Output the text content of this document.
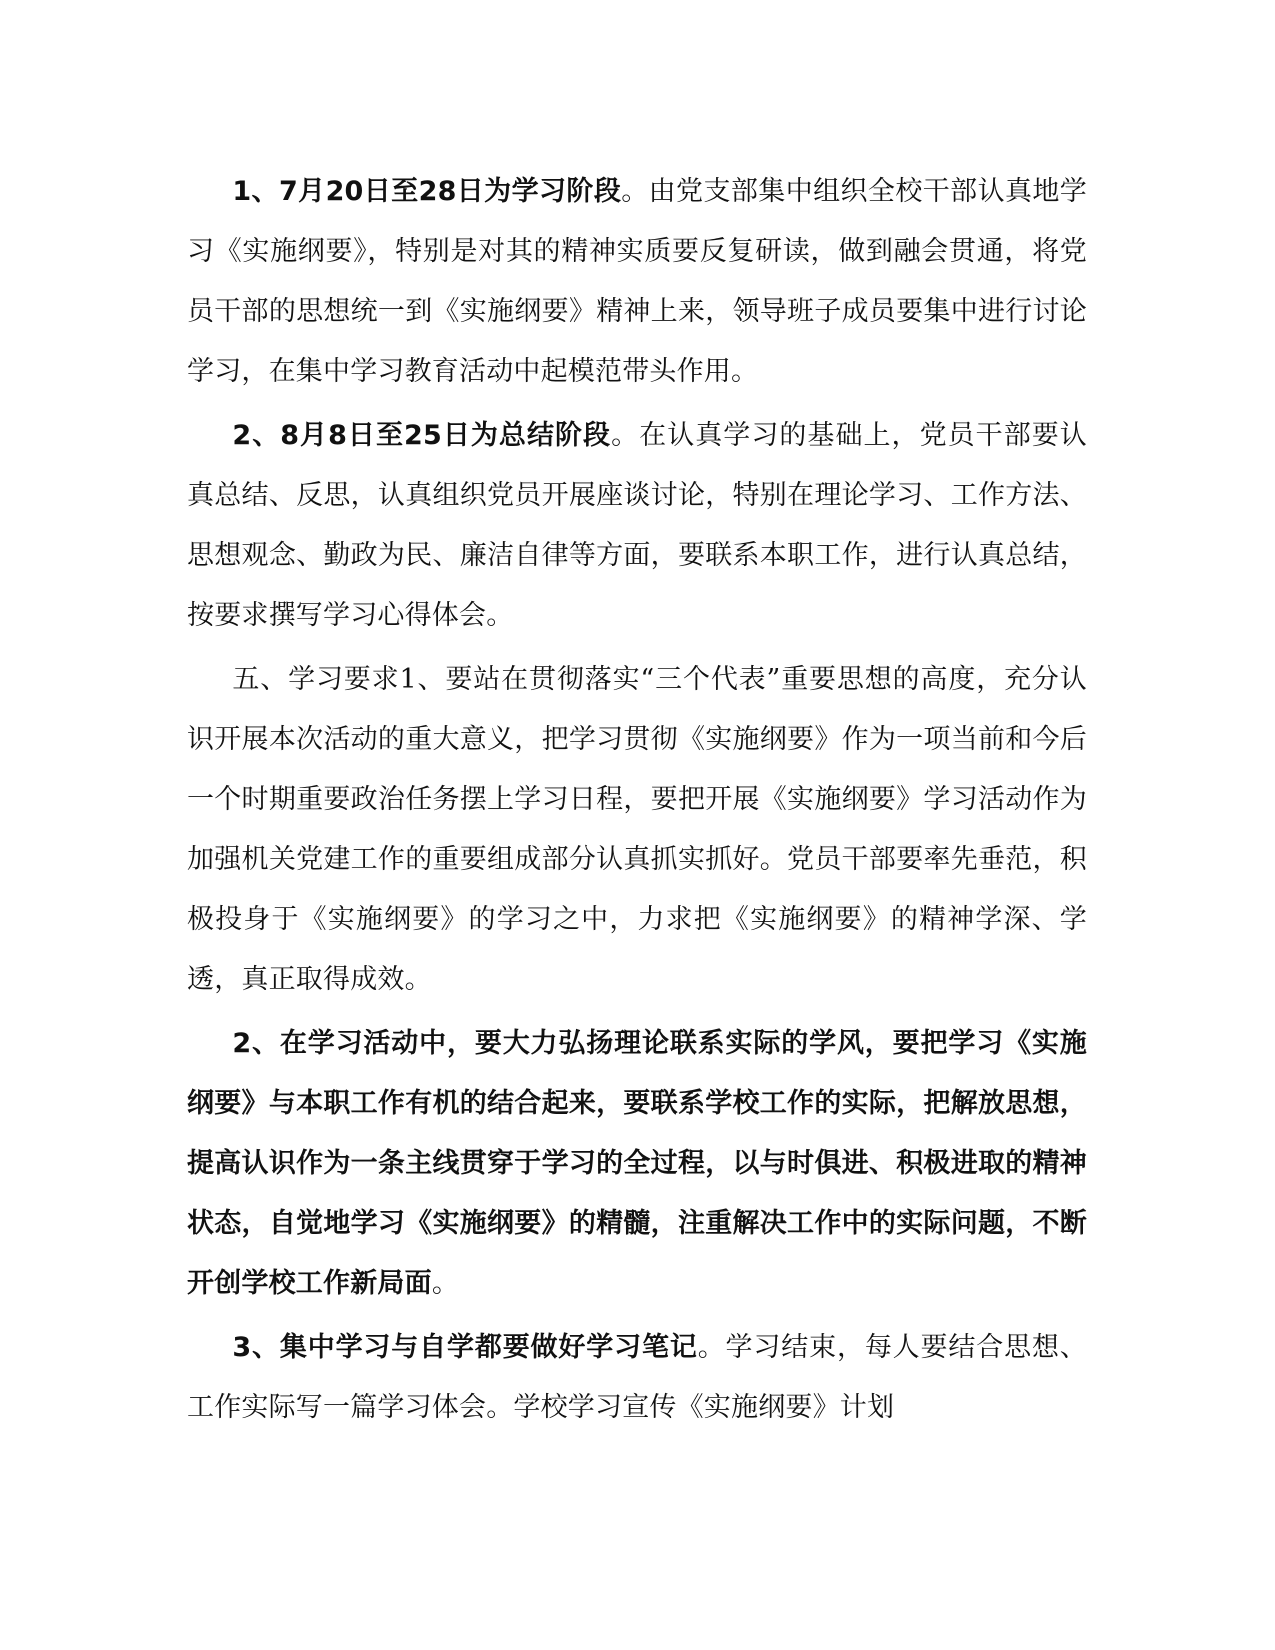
1、7月20日至28日为学习阶段。由党支部集中组织全校干部认真地学习《实施纲要》，特别是对其的精神实质要反复研读，做到融会贯通，将党员干部的思想统一到《实施纲要》精神上来，领导班子成员要集中进行讨论学习，在集中学习教育活动中起模范带头作用。

2、8月8日至25日为总结阶段。在认真学习的基础上，党员干部要认真总结、反思，认真组织党员开展座谈讨论，特别在理论学习、工作方法、思想观念、勤政为民、廉洁自律等方面，要联系本职工作，进行认真总结，按要求撰写学习心得体会。

五、学习要求1、要站在贯彻落实“三个代表”重要思想的高度，充分认识开展本次活动的重大意义，把学习贯彻《实施纲要》作为一项当前和今后一个时期重要政治任务摆上学习日程，要把开展《实施纲要》学习活动作为加强机关党建工作的重要组成部分认真抓实抓好。党员干部要率先垂范，积极投身于《实施纲要》的学习之中，力求把《实施纲要》的精神学深、学透，真正取得成效。

2、在学习活动中，要大力弘扬理论联系实际的学风，要把学习《实施纲要》与本职工作有机的结合起来，要联系学校工作的实际，把解放思想，提高认识作为一条主线贯穿于学习的全过程，以与时俱进、积极进取的精神状态，自觉地学习《实施纲要》的精髓，注重解决工作中的实际问题，不断开创学校工作新局面。

3、集中学习与自学都要做好学习笔记。学习结束，每人要结合思想、工作实际写一篇学习体会。学校学习宣传《实施纲要》计划
